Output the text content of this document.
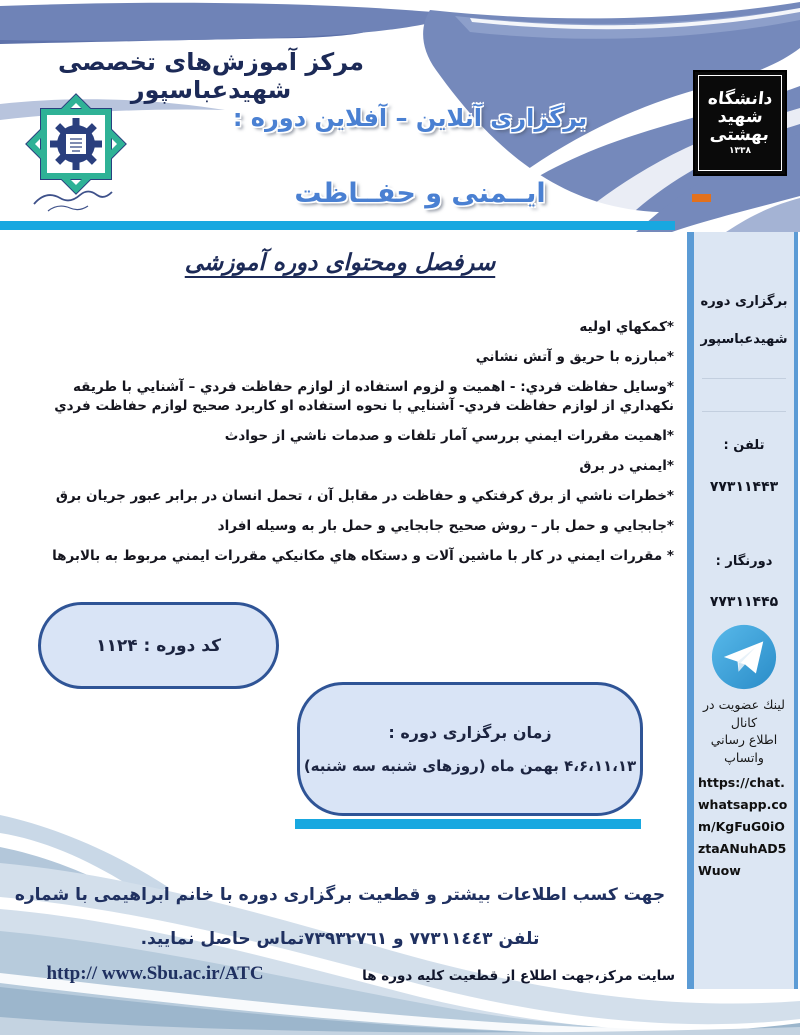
مرکز آموزش‌های تخصصی شهیدعباسپور
برگزاری آنلاین – آفلاین دوره :
ایــمنی و حفــاظت
دانشگاه
شهید
بهشتی
۱۳۳۸
سرفصل ومحتوای دوره آموزشی
*كمكهاي اوليه
*مبارزه با حريق و آتش نشاني
*وسايل حفاظت فردي: - اهميت و لزوم استفاده از لوازم حفاظت فردي – آشنايي با طريقه نكهداري از لوازم حفاظت فردي- آشنايي با نحوه استفاده او كاربرد صحيح لوازم حفاظت فردي
*اهميت مقررات ايمني بررسي آمار تلفات و صدمات ناشي از حوادث
*ايمني در برق
*خطرات ناشي از برق كرفتكي و حفاظت در مقابل آن ، تحمل انسان در برابر عبور جريان برق
*جابجايي و حمل بار – روش صحيح جابجايي و حمل بار به وسيله افراد
* مقررات ايمني در كار با ماشين آلات و دستكاه هاي مكانيكي مقررات ايمني مربوط به بالابرها
كد دوره : ۱۱۲۴
زمان برگزاری دوره :
۴،۶،۱۱،۱۳ بهمن ماه (روزهای شنبه سه شنبه)
برگزاری دوره
شهیدعباسپور
تلفن :
۷۷۳۱۱۴۴۳
دورنگار :
۷۷۳۱۱۴۴۵
لينك عضويت در كانال
اطلاع رساني واتساپ
https://chat.whatsapp.com/KgFuG0iOztaANuhAD5Wuow
جهت کسب اطلاعات بیشتر و قطعیت برگزاری دوره با خانم ابراهیمی با شماره
تلفن ٧٧٣١١٤٤٣ و ٧٣٩٣٢٧٦١تماس حاصل نمایید.
سایت مرکز،جهت اطلاع از قطعیت کلیه دوره ها
http:// www.Sbu.ac.ir/ATC
